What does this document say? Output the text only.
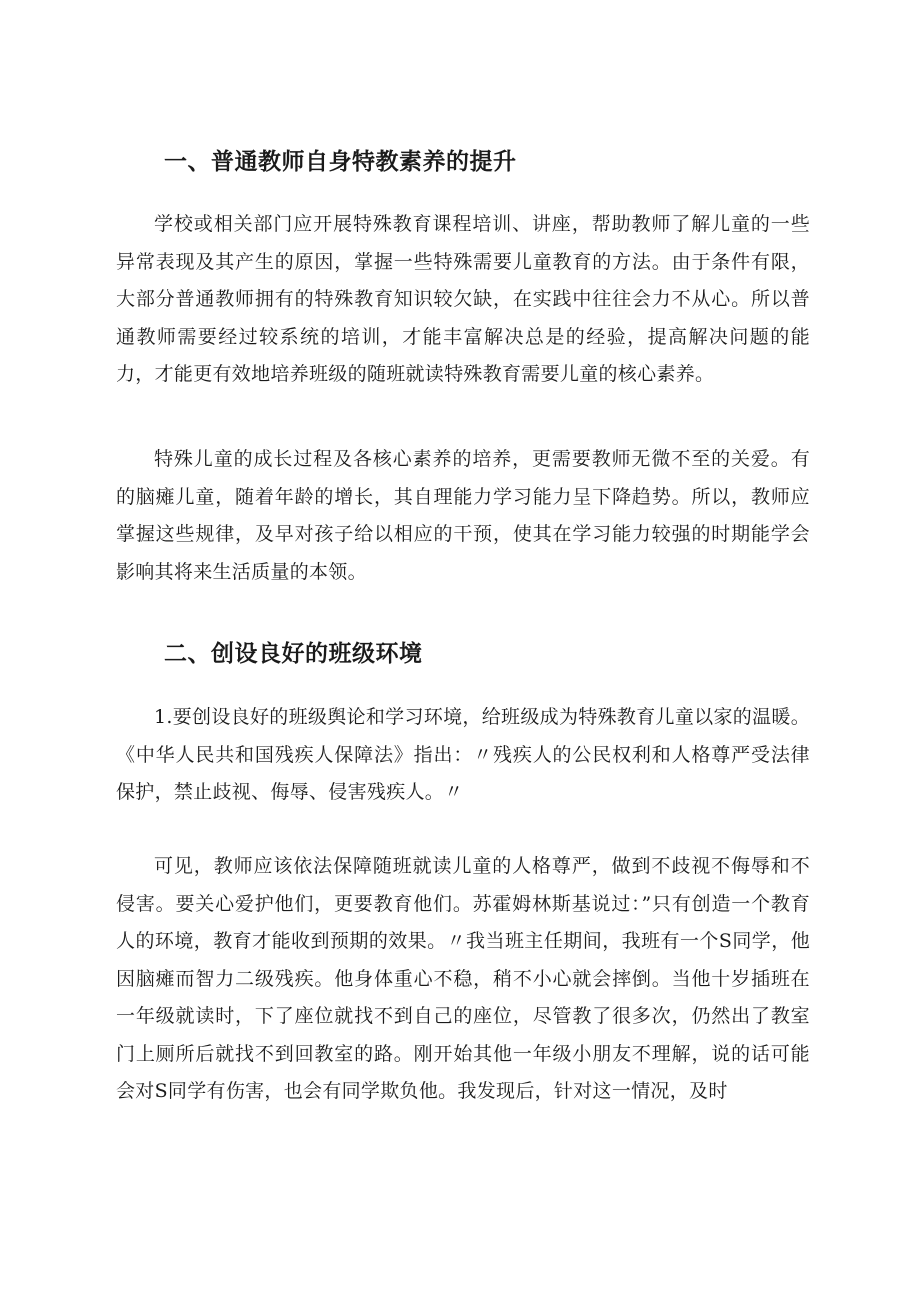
一、普通教师自身特教素养的提升

学校或相关部门应开展特殊教育课程培训、讲座，帮助教师了解儿童的一些异常表现及其产生的原因，掌握一些特殊需要儿童教育的方法。由于条件有限，大部分普通教师拥有的特殊教育知识较欠缺，在实践中往往会力不从心。所以普通教师需要经过较系统的培训，才能丰富解决总是的经验，提高解决问题的能力，才能更有效地培养班级的随班就读特殊教育需要儿童的核心素养。

特殊儿童的成长过程及各核心素养的培养，更需要教师无微不至的关爱。有的脑瘫儿童，随着年龄的增长，其自理能力学习能力呈下降趋势。所以，教师应掌握这些规律，及早对孩子给以相应的干预，使其在学习能力较强的时期能学会影响其将来生活质量的本领。

二、创设良好的班级环境

1.要创设良好的班级舆论和学习环境，给班级成为特殊教育儿童以家的温暖。《中华人民共和国残疾人保障法》指出：〃残疾人的公民权利和人格尊严受法律保护，禁止歧视、侮辱、侵害残疾人。〃

可见，教师应该依法保障随班就读儿童的人格尊严，做到不歧视不侮辱和不侵害。要关心爱护他们，更要教育他们。苏霍姆林斯基说过：”只有创造一个教育人的环境，教育才能收到预期的效果。〃我当班主任期间，我班有一个S同学，他因脑瘫而智力二级残疾。他身体重心不稳，稍不小心就会摔倒。当他十岁插班在一年级就读时，下了座位就找不到自己的座位，尽管教了很多次，仍然出了教室门上厕所后就找不到回教室的路。刚开始其他一年级小朋友不理解，说的话可能会对S同学有伤害，也会有同学欺负他。我发现后，针对这一情况，及时
